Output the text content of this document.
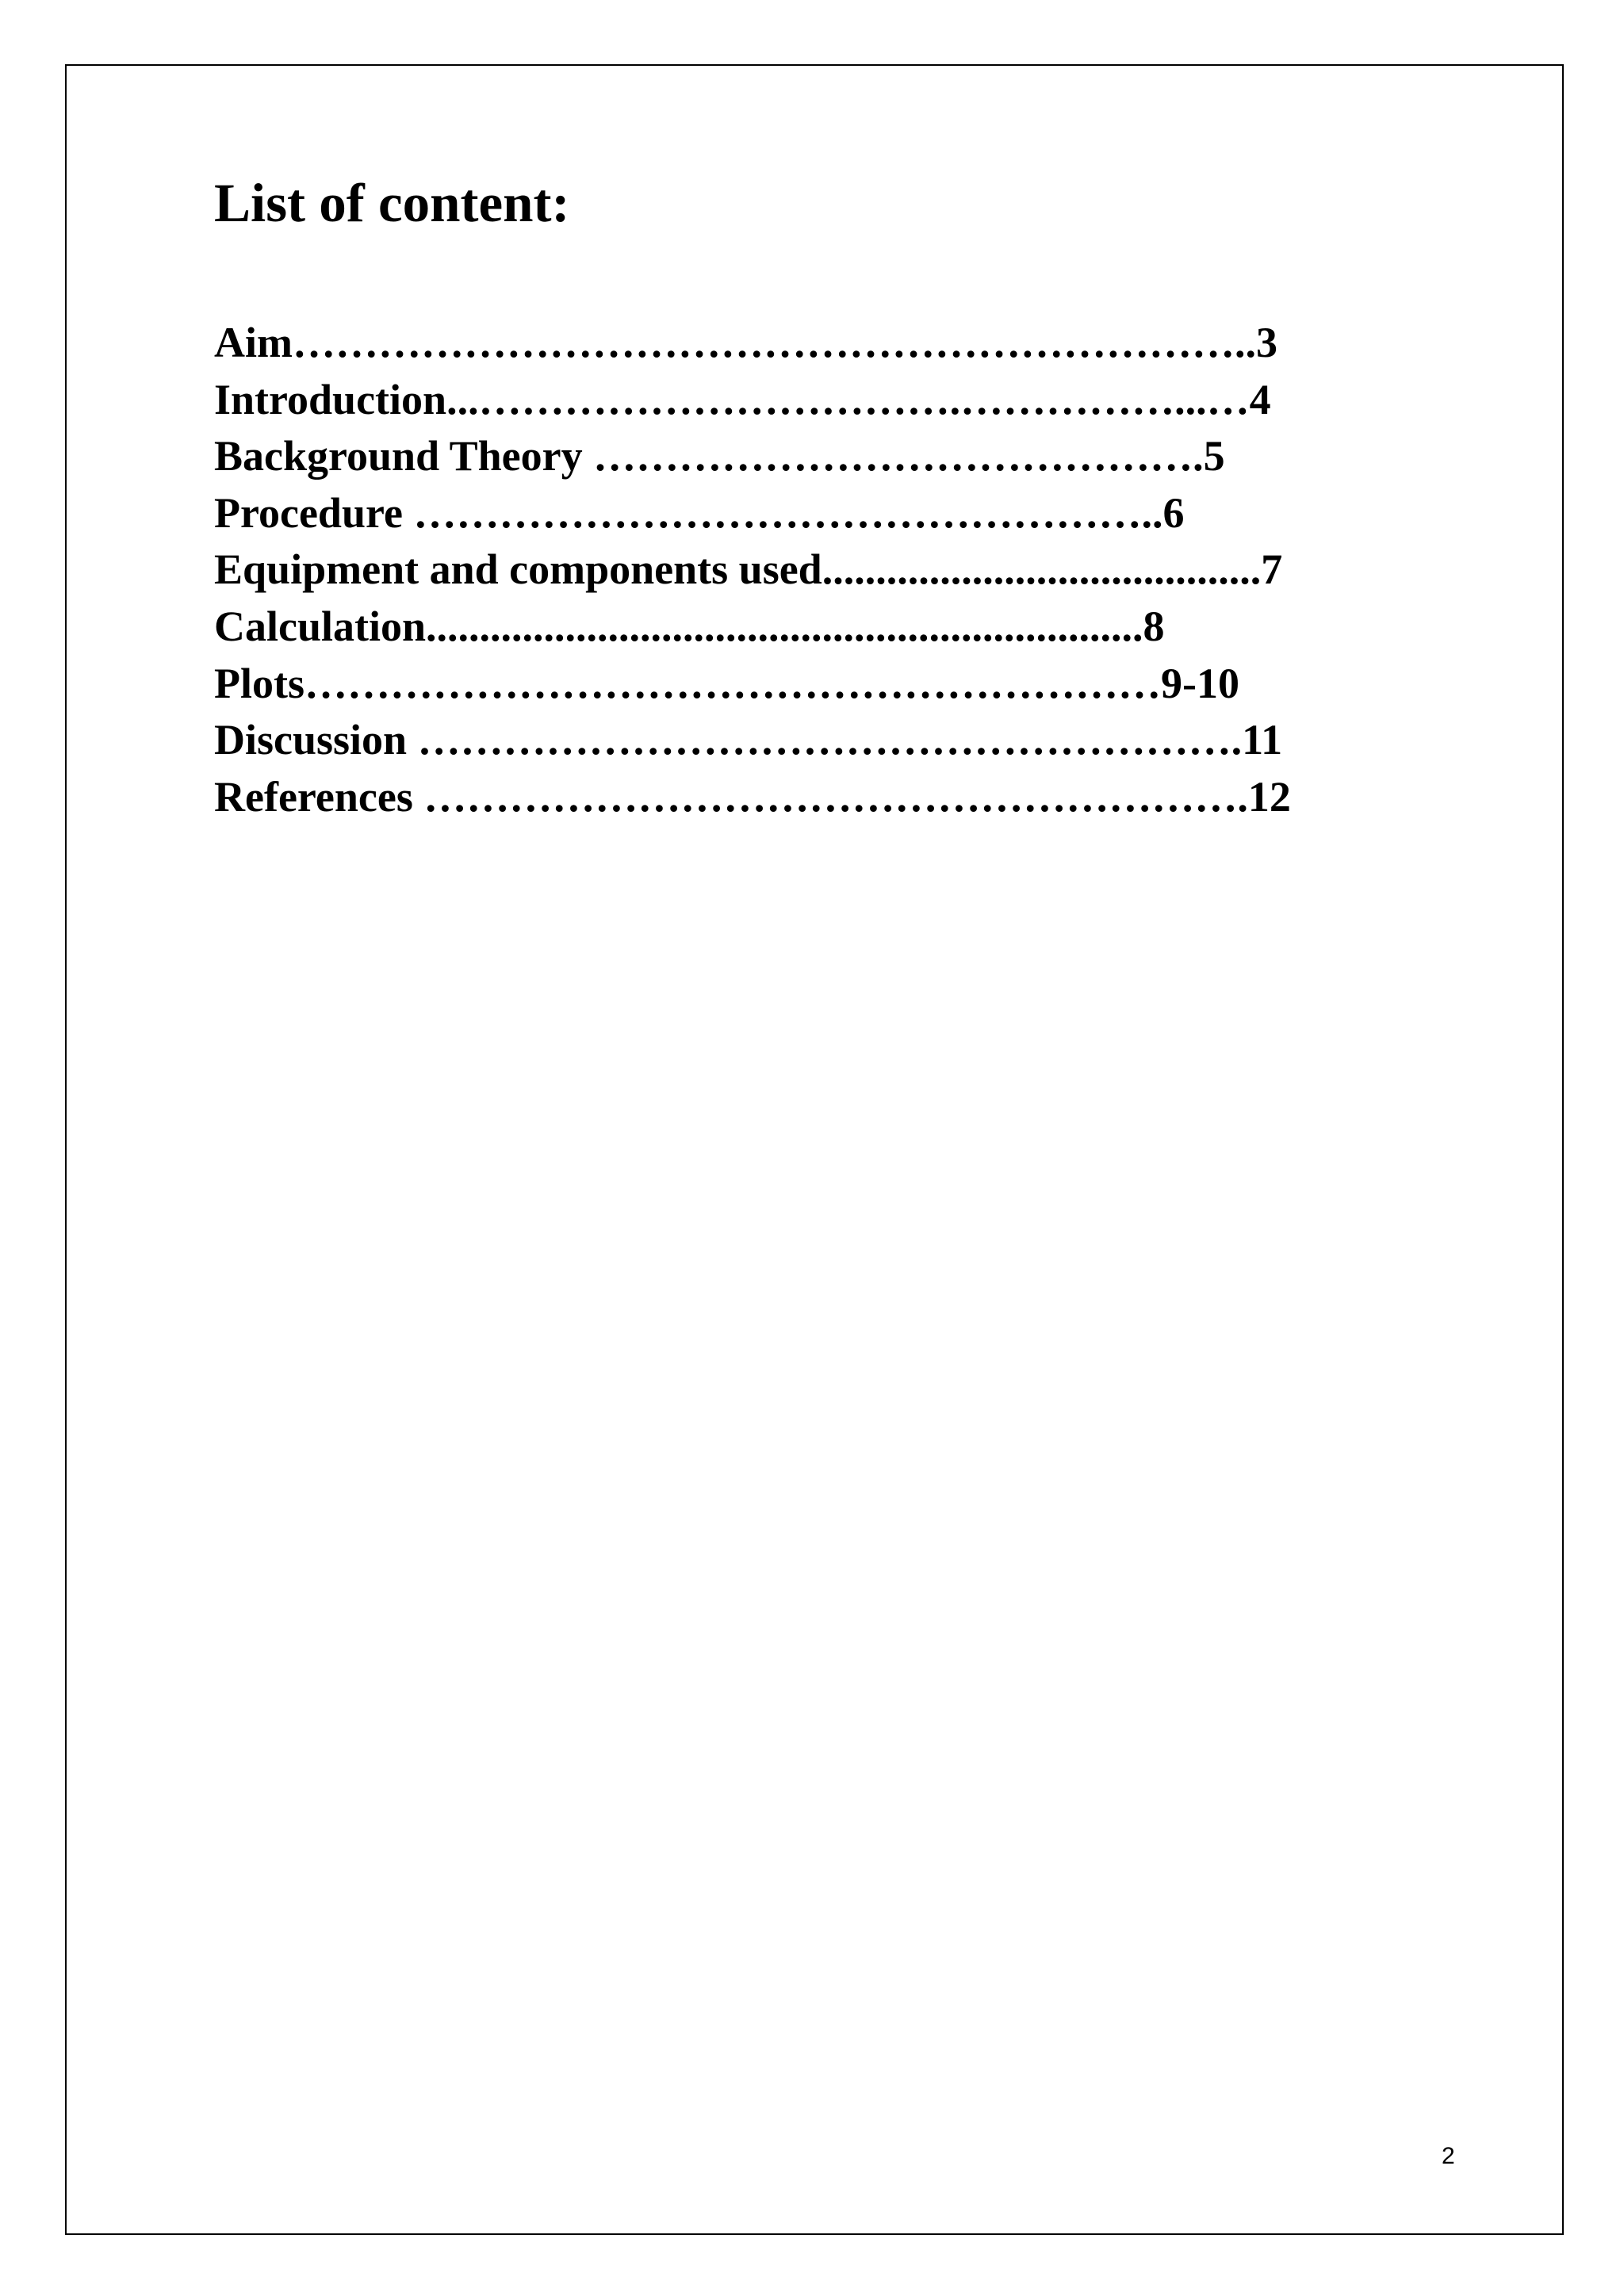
List of content:
Aim…………………………………………………………..3
Introduction...…………………………….……………...…4
Background Theory …………………………………….5
Procedure ……………………………………………..6
Equipment and components used.........................................7
Calculation...................................................................8
Plots……………………………………………………9-10
Discussion ………………………………………………….11
References ………………………………………………….12
2
